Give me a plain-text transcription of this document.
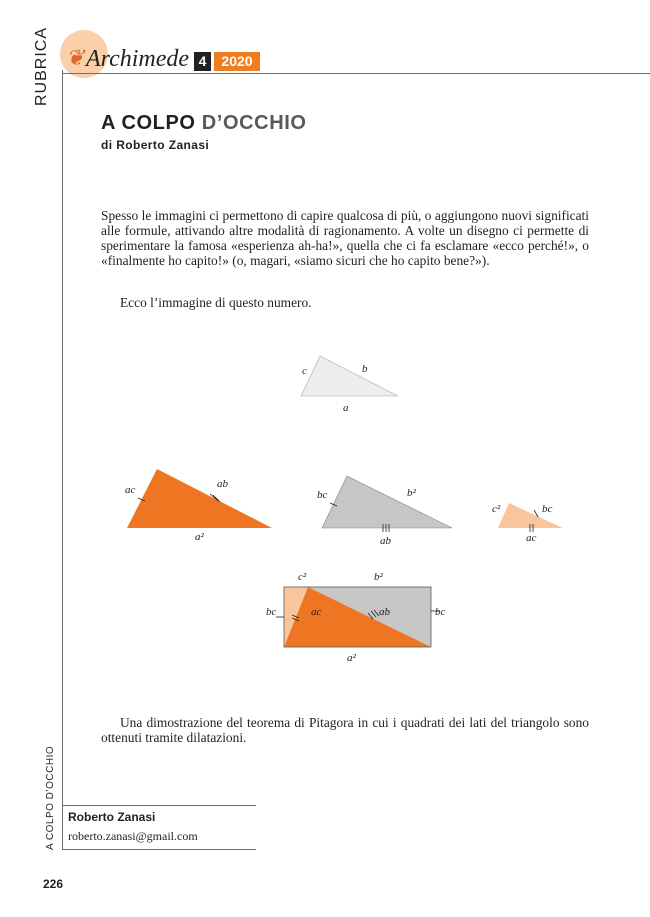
RUBRICA
A COLPO D’OCCHIO
❦ Archimede 4	2020
A COLPO D’OCCHIO
di Roberto Zanasi

Spesso le immagini ci permettono di capire qualcosa di più, o aggiungono nuovi significati alle formule, attivando altre modalità di ragionamento. A volte un disegno ci permette di sperimentare la famosa «esperienza ah-ha!», quella che ci fa esclamare «ecco perché!», o «finalmente ho capito!» (o, magari, «siamo sicuri che ho capito bene?»).

Ecco l’immagine di questo numero.

c	b
a
ac	ab
a²
bc	b²
ab
c²	bc
ac
c²	b²
bc	ac	ab	bc
a²

Una dimostrazione del teorema di Pitagora in cui i quadrati dei lati del triangolo sono ottenuti tramite dilatazioni.

Roberto Zanasi
roberto.zanasi@gmail.com
226
